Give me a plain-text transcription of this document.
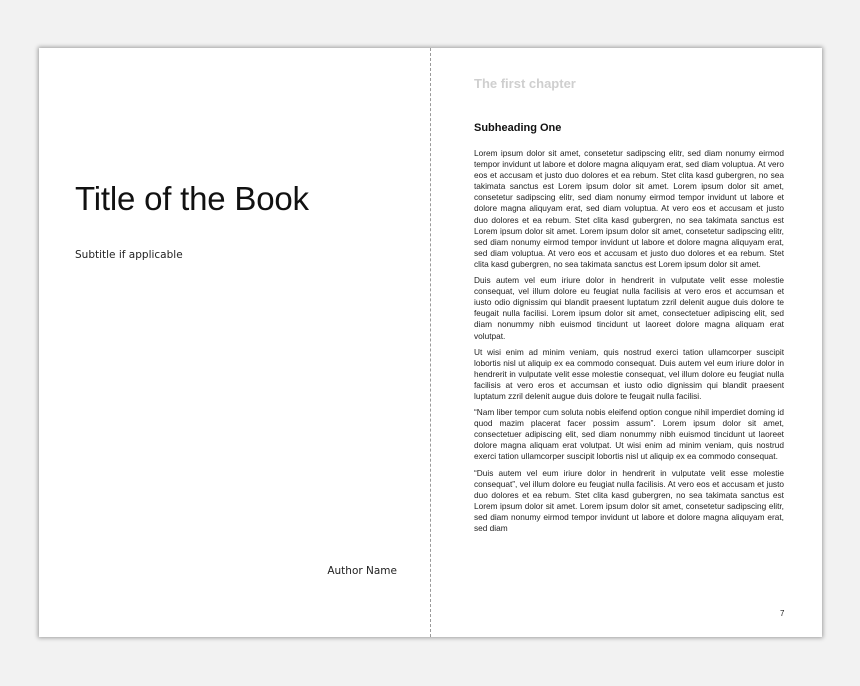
Title of the Book
Subtitle if applicable
Author Name
The first chapter
Subheading One

Lorem ipsum dolor sit amet, consetetur sadipscing elitr, sed diam nonumy eirmod tempor invidunt ut labore et dolore magna aliquyam erat, sed diam voluptua. At vero eos et accusam et justo duo dolores et ea rebum. Stet clita kasd gubergren, no sea takimata sanctus est Lorem ipsum dolor sit amet. Lorem ipsum dolor sit amet, consetetur sadipscing elitr, sed diam nonumy eirmod tempor invidunt ut labore et dolore magna aliquyam erat, sed diam voluptua. At vero eos et accusam et justo duo dolores et ea rebum. Stet clita kasd gubergren, no sea takimata sanctus est Lorem ipsum dolor sit amet. Lorem ipsum dolor sit amet, consetetur sadipscing elitr, sed diam nonumy eirmod tempor invidunt ut labore et dolore magna aliquyam erat, sed diam voluptua. At vero eos et accusam et justo duo dolores et ea rebum. Stet clita kasd gubergren, no sea takimata sanctus est Lorem ipsum dolor sit amet.

Duis autem vel eum iriure dolor in hendrerit in vulputate velit esse molestie consequat, vel illum dolore eu feugiat nulla facilisis at vero eros et accumsan et iusto odio dignissim qui blandit praesent luptatum zzril delenit augue duis dolore te feugait nulla facilisi. Lorem ipsum dolor sit amet, consectetuer adipiscing elit, sed diam nonummy nibh euismod tincidunt ut laoreet dolore magna aliquam erat volutpat.

Ut wisi enim ad minim veniam, quis nostrud exerci tation ullamcorper suscipit lobortis nisl ut aliquip ex ea commodo consequat. Duis autem vel eum iriure dolor in hendrerit in vulputate velit esse molestie consequat, vel illum dolore eu feugiat nulla facilisis at vero eros et accumsan et iusto odio dignissim qui blandit praesent luptatum zzril delenit augue duis dolore te feugait nulla facilisi.

“Nam liber tempor cum soluta nobis eleifend option congue nihil imperdiet doming id quod mazim placerat facer possim assum”. Lorem ipsum dolor sit amet, consectetuer adipiscing elit, sed diam nonummy nibh euismod tincidunt ut laoreet dolore magna aliquam erat volutpat. Ut wisi enim ad minim veniam, quis nostrud exerci tation ullamcorper suscipit lobortis nisl ut aliquip ex ea commodo consequat.

“Duis autem vel eum iriure dolor in hendrerit in vulputate velit esse molestie consequat”, vel illum dolore eu feugiat nulla facilisis. At vero eos et accusam et justo duo dolores et ea rebum. Stet clita kasd gubergren, no sea takimata sanctus est Lorem ipsum dolor sit amet. Lorem ipsum dolor sit amet, consetetur sadipscing elitr, sed diam nonumy eirmod tempor invidunt ut labore et dolore magna aliquyam erat, sed diam

7
